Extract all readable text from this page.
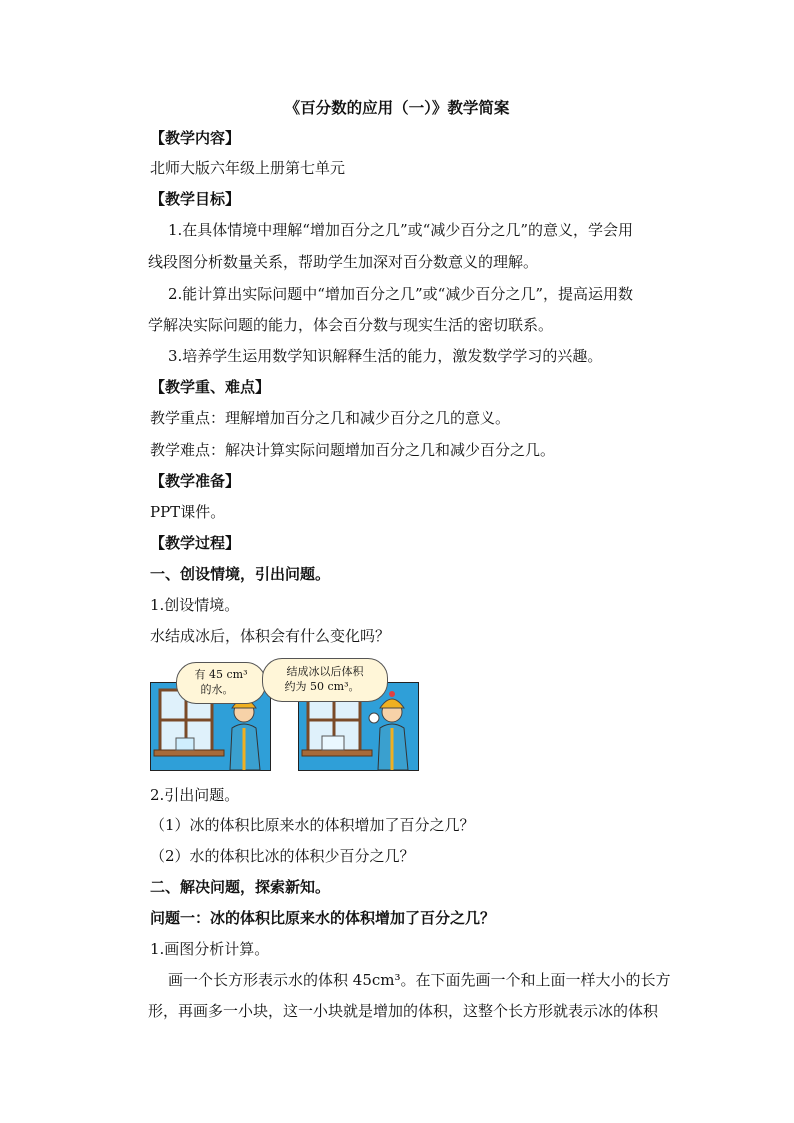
《百分数的应用（一）》教学简案
【教学内容】
北师大版六年级上册第七单元
【教学目标】
1.在具体情境中理解“增加百分之几”或“减少百分之几”的意义，学会用
线段图分析数量关系，帮助学生加深对百分数意义的理解。
2.能计算出实际问题中“增加百分之几”或“减少百分之几”，提高运用数
学解决实际问题的能力，体会百分数与现实生活的密切联系。
3.培养学生运用数学知识解释生活的能力，激发数学学习的兴趣。
【教学重、难点】
教学重点：理解增加百分之几和减少百分之几的意义。
教学难点：解决计算实际问题增加百分之几和减少百分之几。
【教学准备】
PPT课件。
【教学过程】
一、创设情境，引出问题。
1.创设情境。
水结成冰后，体积会有什么变化吗？
有 45 cm³
的水。
结成冰以后体积
约为 50 cm³。
2.引出问题。
（1）冰的体积比原来水的体积增加了百分之几？
（2）水的体积比冰的体积少百分之几？
二、解决问题，探索新知。
问题一：冰的体积比原来水的体积增加了百分之几？
1.画图分析计算。
画一个长方形表示水的体积 45cm³。在下面先画一个和上面一样大小的长方
形，再画多一小块，这一小块就是增加的体积，这整个长方形就表示冰的体积
